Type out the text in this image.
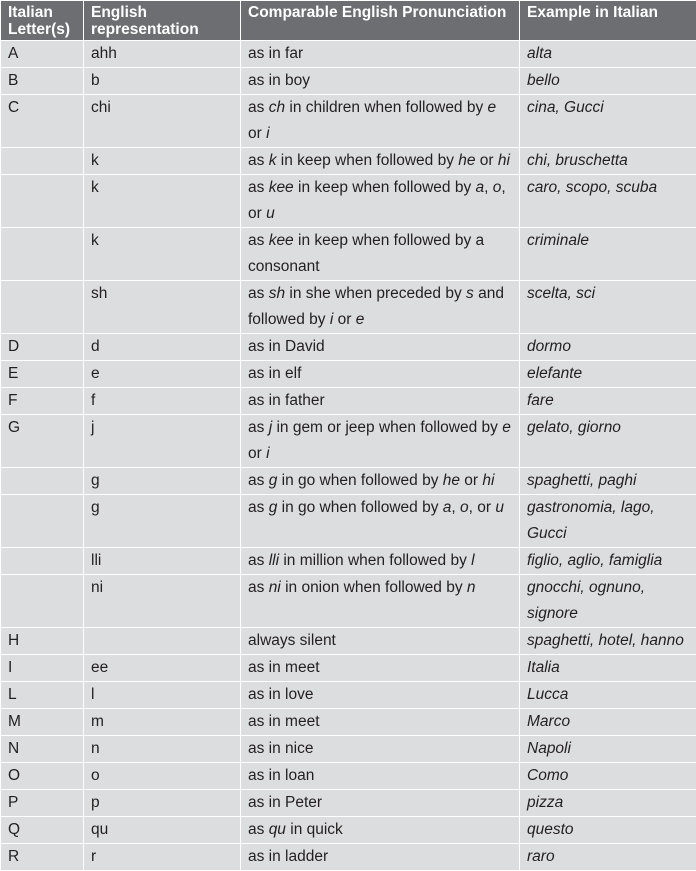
Italian Letter(s)	English representation	Comparable English Pronunciation	Example in Italian
A	ahh	as in far	alta
B	b	as in boy	bello
C	chi	as ch in children when followed by e or i	cina, Gucci
	k	as k in keep when followed by he or hi	chi, bruschetta
	k	as kee in keep when followed by a, o, or u	caro, scopo, scuba
	k	as kee in keep when followed by a consonant	criminale
	sh	as sh in she when preceded by s and followed by i or e	scelta, sci
D	d	as in David	dormo
E	e	as in elf	elefante
F	f	as in father	fare
G	j	as j in gem or jeep when followed by e or i	gelato, giorno
	g	as g in go when followed by he or hi	spaghetti, paghi
	g	as g in go when followed by a, o, or u	gastronomia, lago, Gucci
	lli	as lli in million when followed by l	figlio, aglio, famiglia
	ni	as ni in onion when followed by n	gnocchi, ognuno, signore
H		always silent	spaghetti, hotel, hanno
I	ee	as in meet	Italia
L	l	as in love	Lucca
M	m	as in meet	Marco
N	n	as in nice	Napoli
O	o	as in loan	Como
P	p	as in Peter	pizza
Q	qu	as qu in quick	questo
R	r	as in ladder	raro
